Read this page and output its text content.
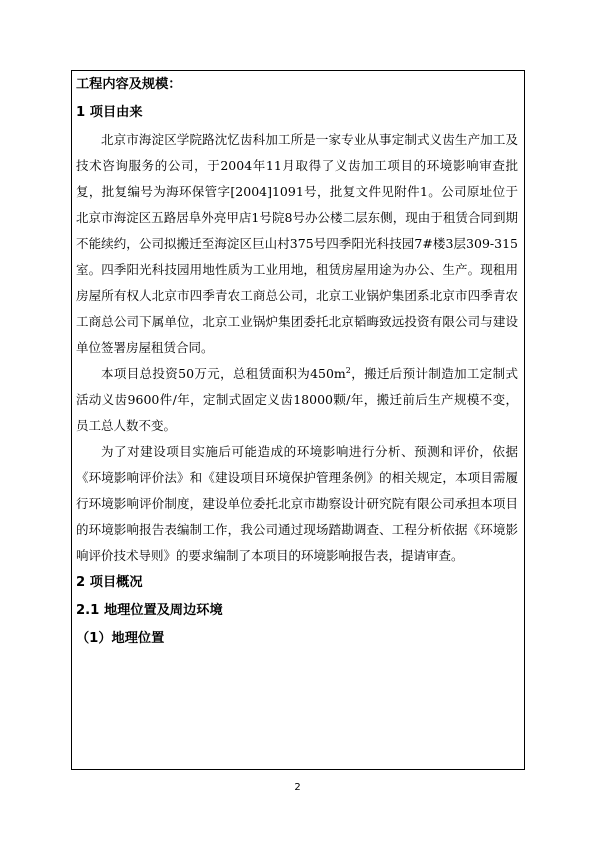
工程内容及规模：

1 项目由来

北京市海淀区学院路沈忆齿科加工所是一家专业从事定制式义齿生产加工及技术咨询服务的公司，于2004年11月取得了义齿加工项目的环境影响审查批复，批复编号为海环保管字[2004]1091号，批复文件见附件1。公司原址位于北京市海淀区五路居阜外亮甲店1号院8号办公楼二层东侧，现由于租赁合同到期不能续约，公司拟搬迁至海淀区巨山村375号四季阳光科技园7#楼3层309-315室。四季阳光科技园用地性质为工业用地，租赁房屋用途为办公、生产。现租用房屋所有权人北京市四季青农工商总公司，北京工业锅炉集团系北京市四季青农工商总公司下属单位，北京工业锅炉集团委托北京韬晦致远投资有限公司与建设单位签署房屋租赁合同。

本项目总投资50万元，总租赁面积为$450m^2$，搬迁后预计制造加工定制式活动义齿9600件/年，定制式固定义齿18000颗/年，搬迁前后生产规模不变，员工总人数不变。

为了对建设项目实施后可能造成的环境影响进行分析、预测和评价，依据《环境影响评价法》和《建设项目环境保护管理条例》的相关规定，本项目需履行环境影响评价制度，建设单位委托北京市勘察设计研究院有限公司承担本项目的环境影响报告表编制工作，我公司通过现场踏勘调查、工程分析依据《环境影响评价技术导则》的要求编制了本项目的环境影响报告表，提请审查。

2 项目概况

2.1 地理位置及周边环境

（1）地理位置

2
